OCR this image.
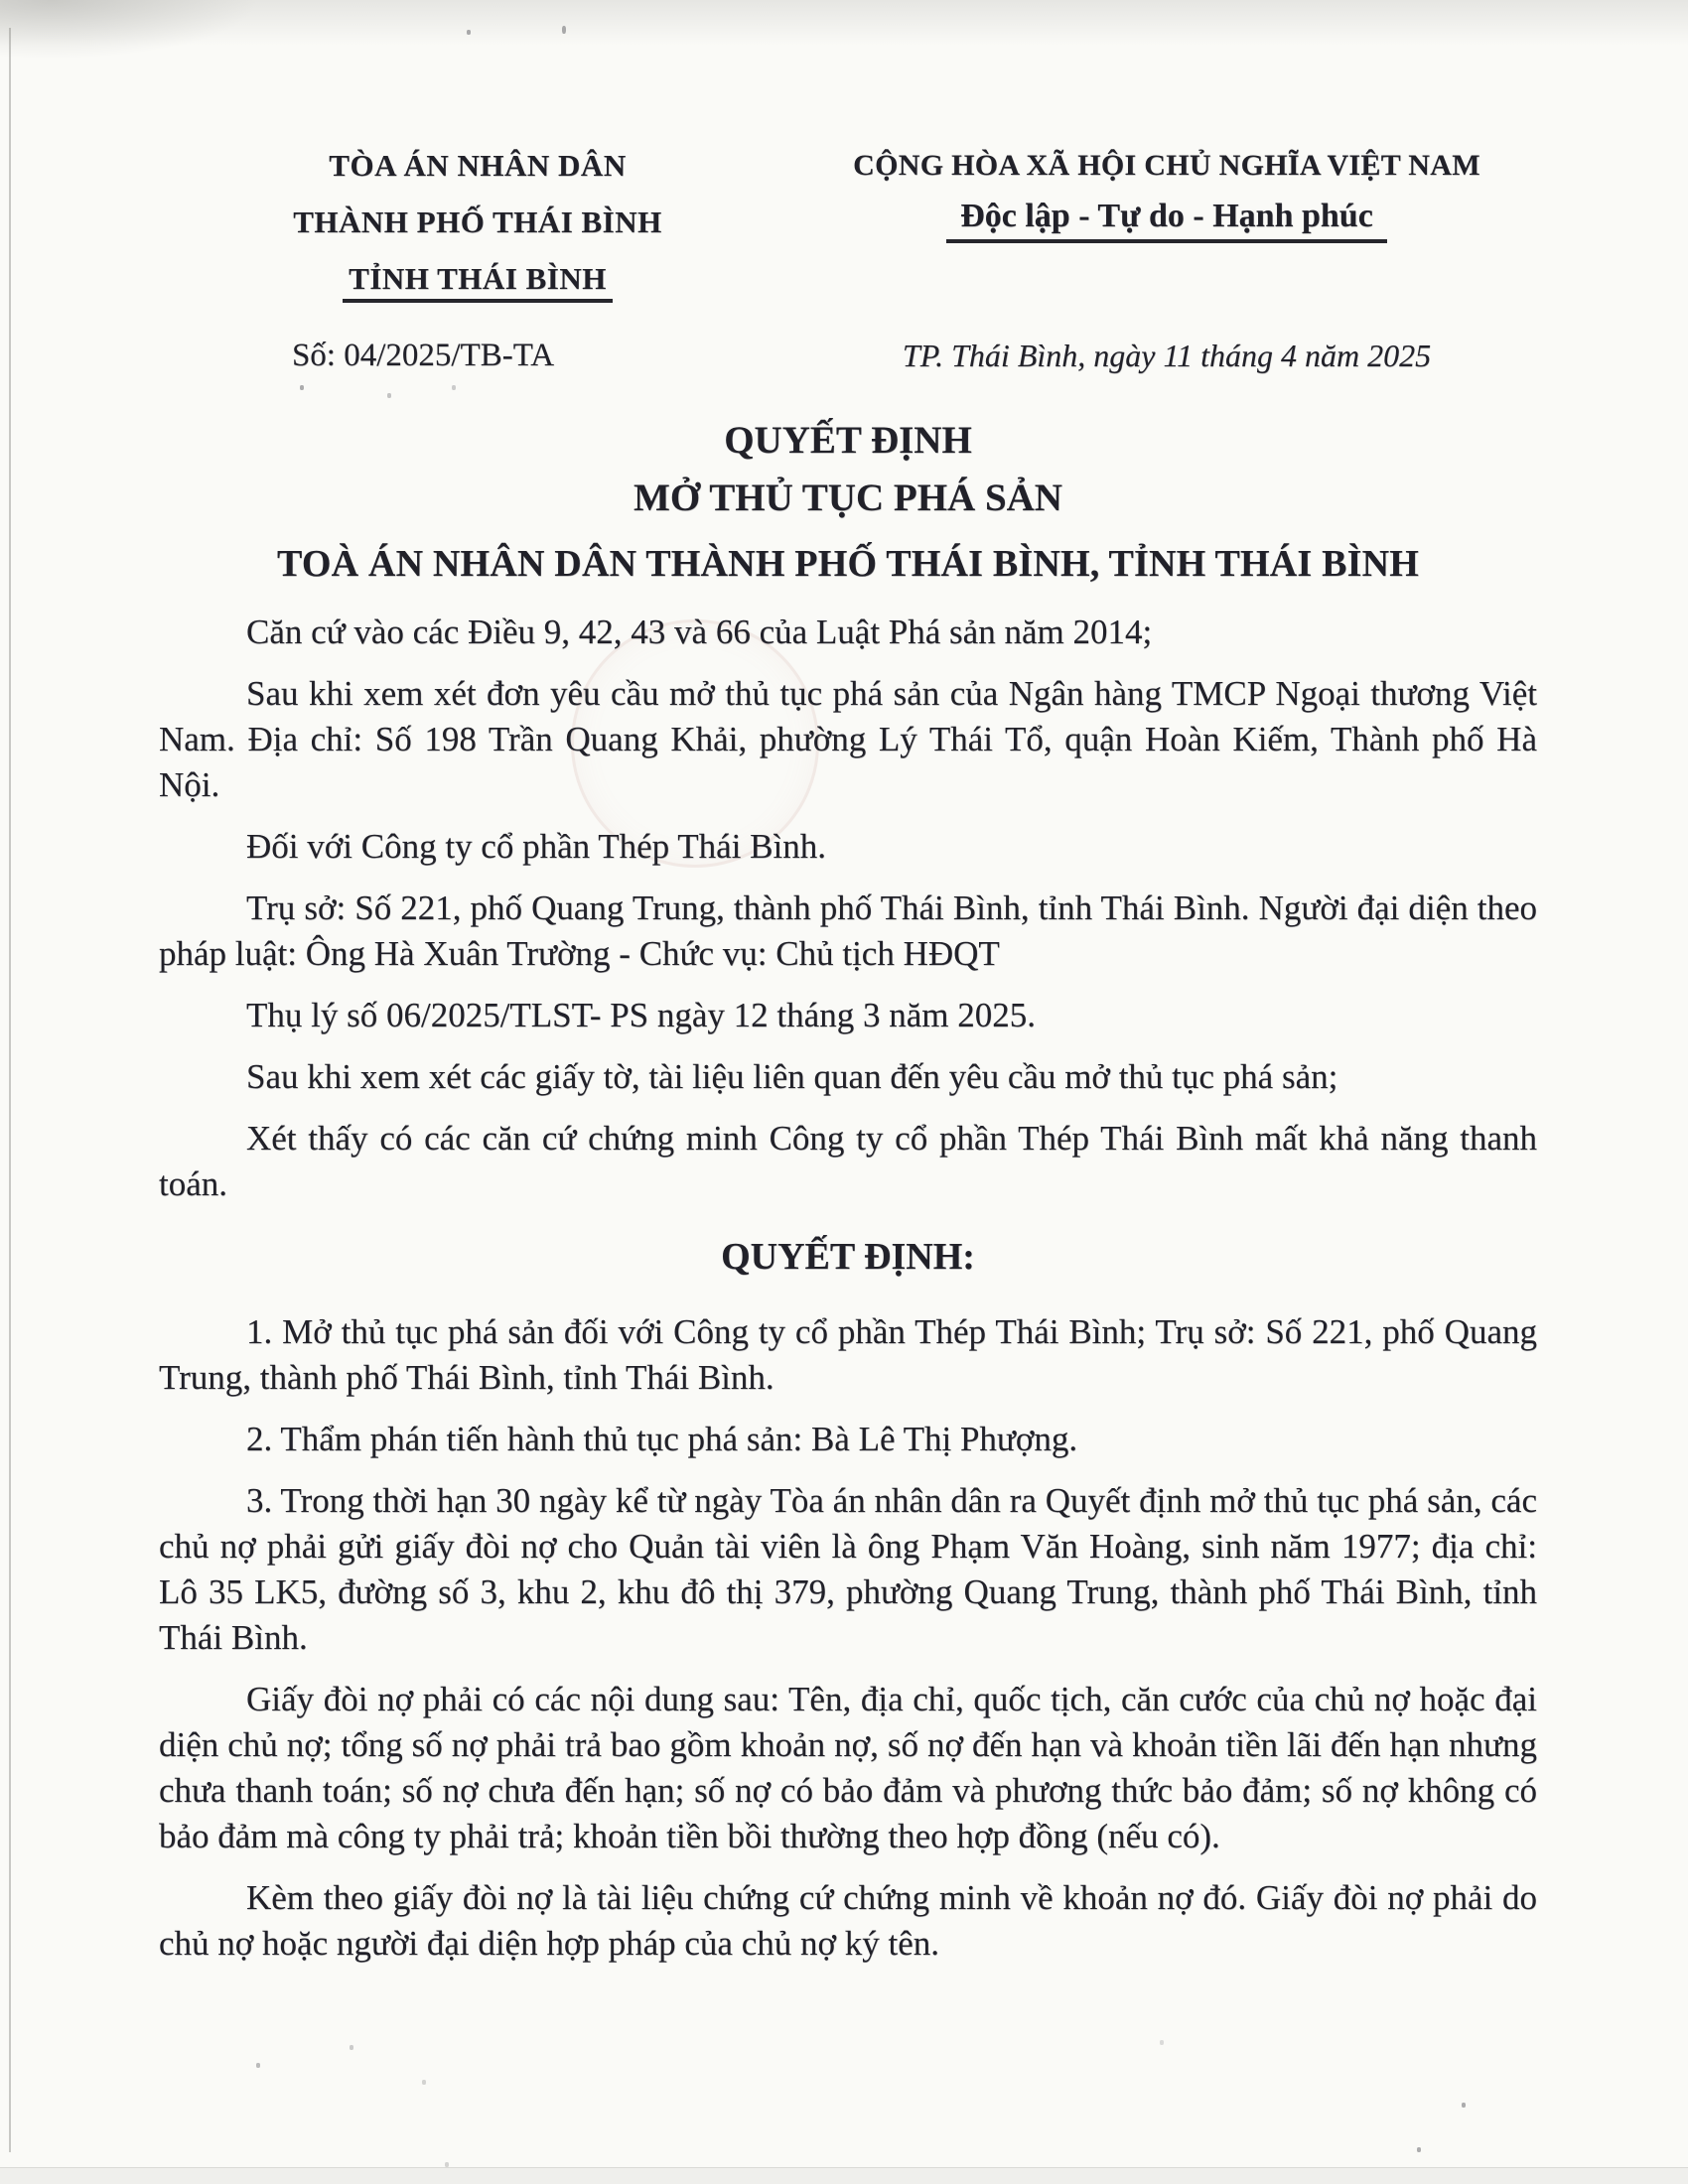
TÒA ÁN NHÂN DÂN
THÀNH PHỐ THÁI BÌNH
TỈNH THÁI BÌNH
CỘNG HÒA XÃ HỘI CHỦ NGHĨA VIỆT NAM
Độc lập - Tự do - Hạnh phúc
Số: 04/2025/TB-TA	TP. Thái Bình, ngày 11 tháng 4 năm 2025
QUYẾT ĐỊNH
MỞ THỦ TỤC PHÁ SẢN
TOÀ ÁN NHÂN DÂN THÀNH PHỐ THÁI BÌNH, TỈNH THÁI BÌNH

Căn cứ vào các Điều 9, 42, 43 và 66 của Luật Phá sản năm 2014;

Sau khi xem xét đơn yêu cầu mở thủ tục phá sản của Ngân hàng TMCP Ngoại thương Việt Nam. Địa chỉ: Số 198 Trần Quang Khải, phường Lý Thái Tổ, quận Hoàn Kiếm, Thành phố Hà Nội.

Đối với Công ty cổ phần Thép Thái Bình.

Trụ sở: Số 221, phố Quang Trung, thành phố Thái Bình, tỉnh Thái Bình. Người đại diện theo pháp luật: Ông Hà Xuân Trường - Chức vụ: Chủ tịch HĐQT

Thụ lý số 06/2025/TLST- PS ngày 12 tháng 3 năm 2025.

Sau khi xem xét các giấy tờ, tài liệu liên quan đến yêu cầu mở thủ tục phá sản;

Xét thấy có các căn cứ chứng minh Công ty cổ phần Thép Thái Bình mất khả năng thanh toán.

QUYẾT ĐỊNH:

1. Mở thủ tục phá sản đối với Công ty cổ phần Thép Thái Bình; Trụ sở: Số 221, phố Quang Trung, thành phố Thái Bình, tỉnh Thái Bình.

2. Thẩm phán tiến hành thủ tục phá sản: Bà Lê Thị Phượng.

3. Trong thời hạn 30 ngày kể từ ngày Tòa án nhân dân ra Quyết định mở thủ tục phá sản, các chủ nợ phải gửi giấy đòi nợ cho Quản tài viên là ông Phạm Văn Hoàng, sinh năm 1977; địa chỉ: Lô 35 LK5, đường số 3, khu 2, khu đô thị 379, phường Quang Trung, thành phố Thái Bình, tỉnh Thái Bình.

Giấy đòi nợ phải có các nội dung sau: Tên, địa chỉ, quốc tịch, căn cước của chủ nợ hoặc đại diện chủ nợ; tổng số nợ phải trả bao gồm khoản nợ, số nợ đến hạn và khoản tiền lãi đến hạn nhưng chưa thanh toán; số nợ chưa đến hạn; số nợ có bảo đảm và phương thức bảo đảm; số nợ không có bảo đảm mà công ty phải trả; khoản tiền bồi thường theo hợp đồng (nếu có).

Kèm theo giấy đòi nợ là tài liệu chứng cứ chứng minh về khoản nợ đó. Giấy đòi nợ phải do chủ nợ hoặc người đại diện hợp pháp của chủ nợ ký tên.
